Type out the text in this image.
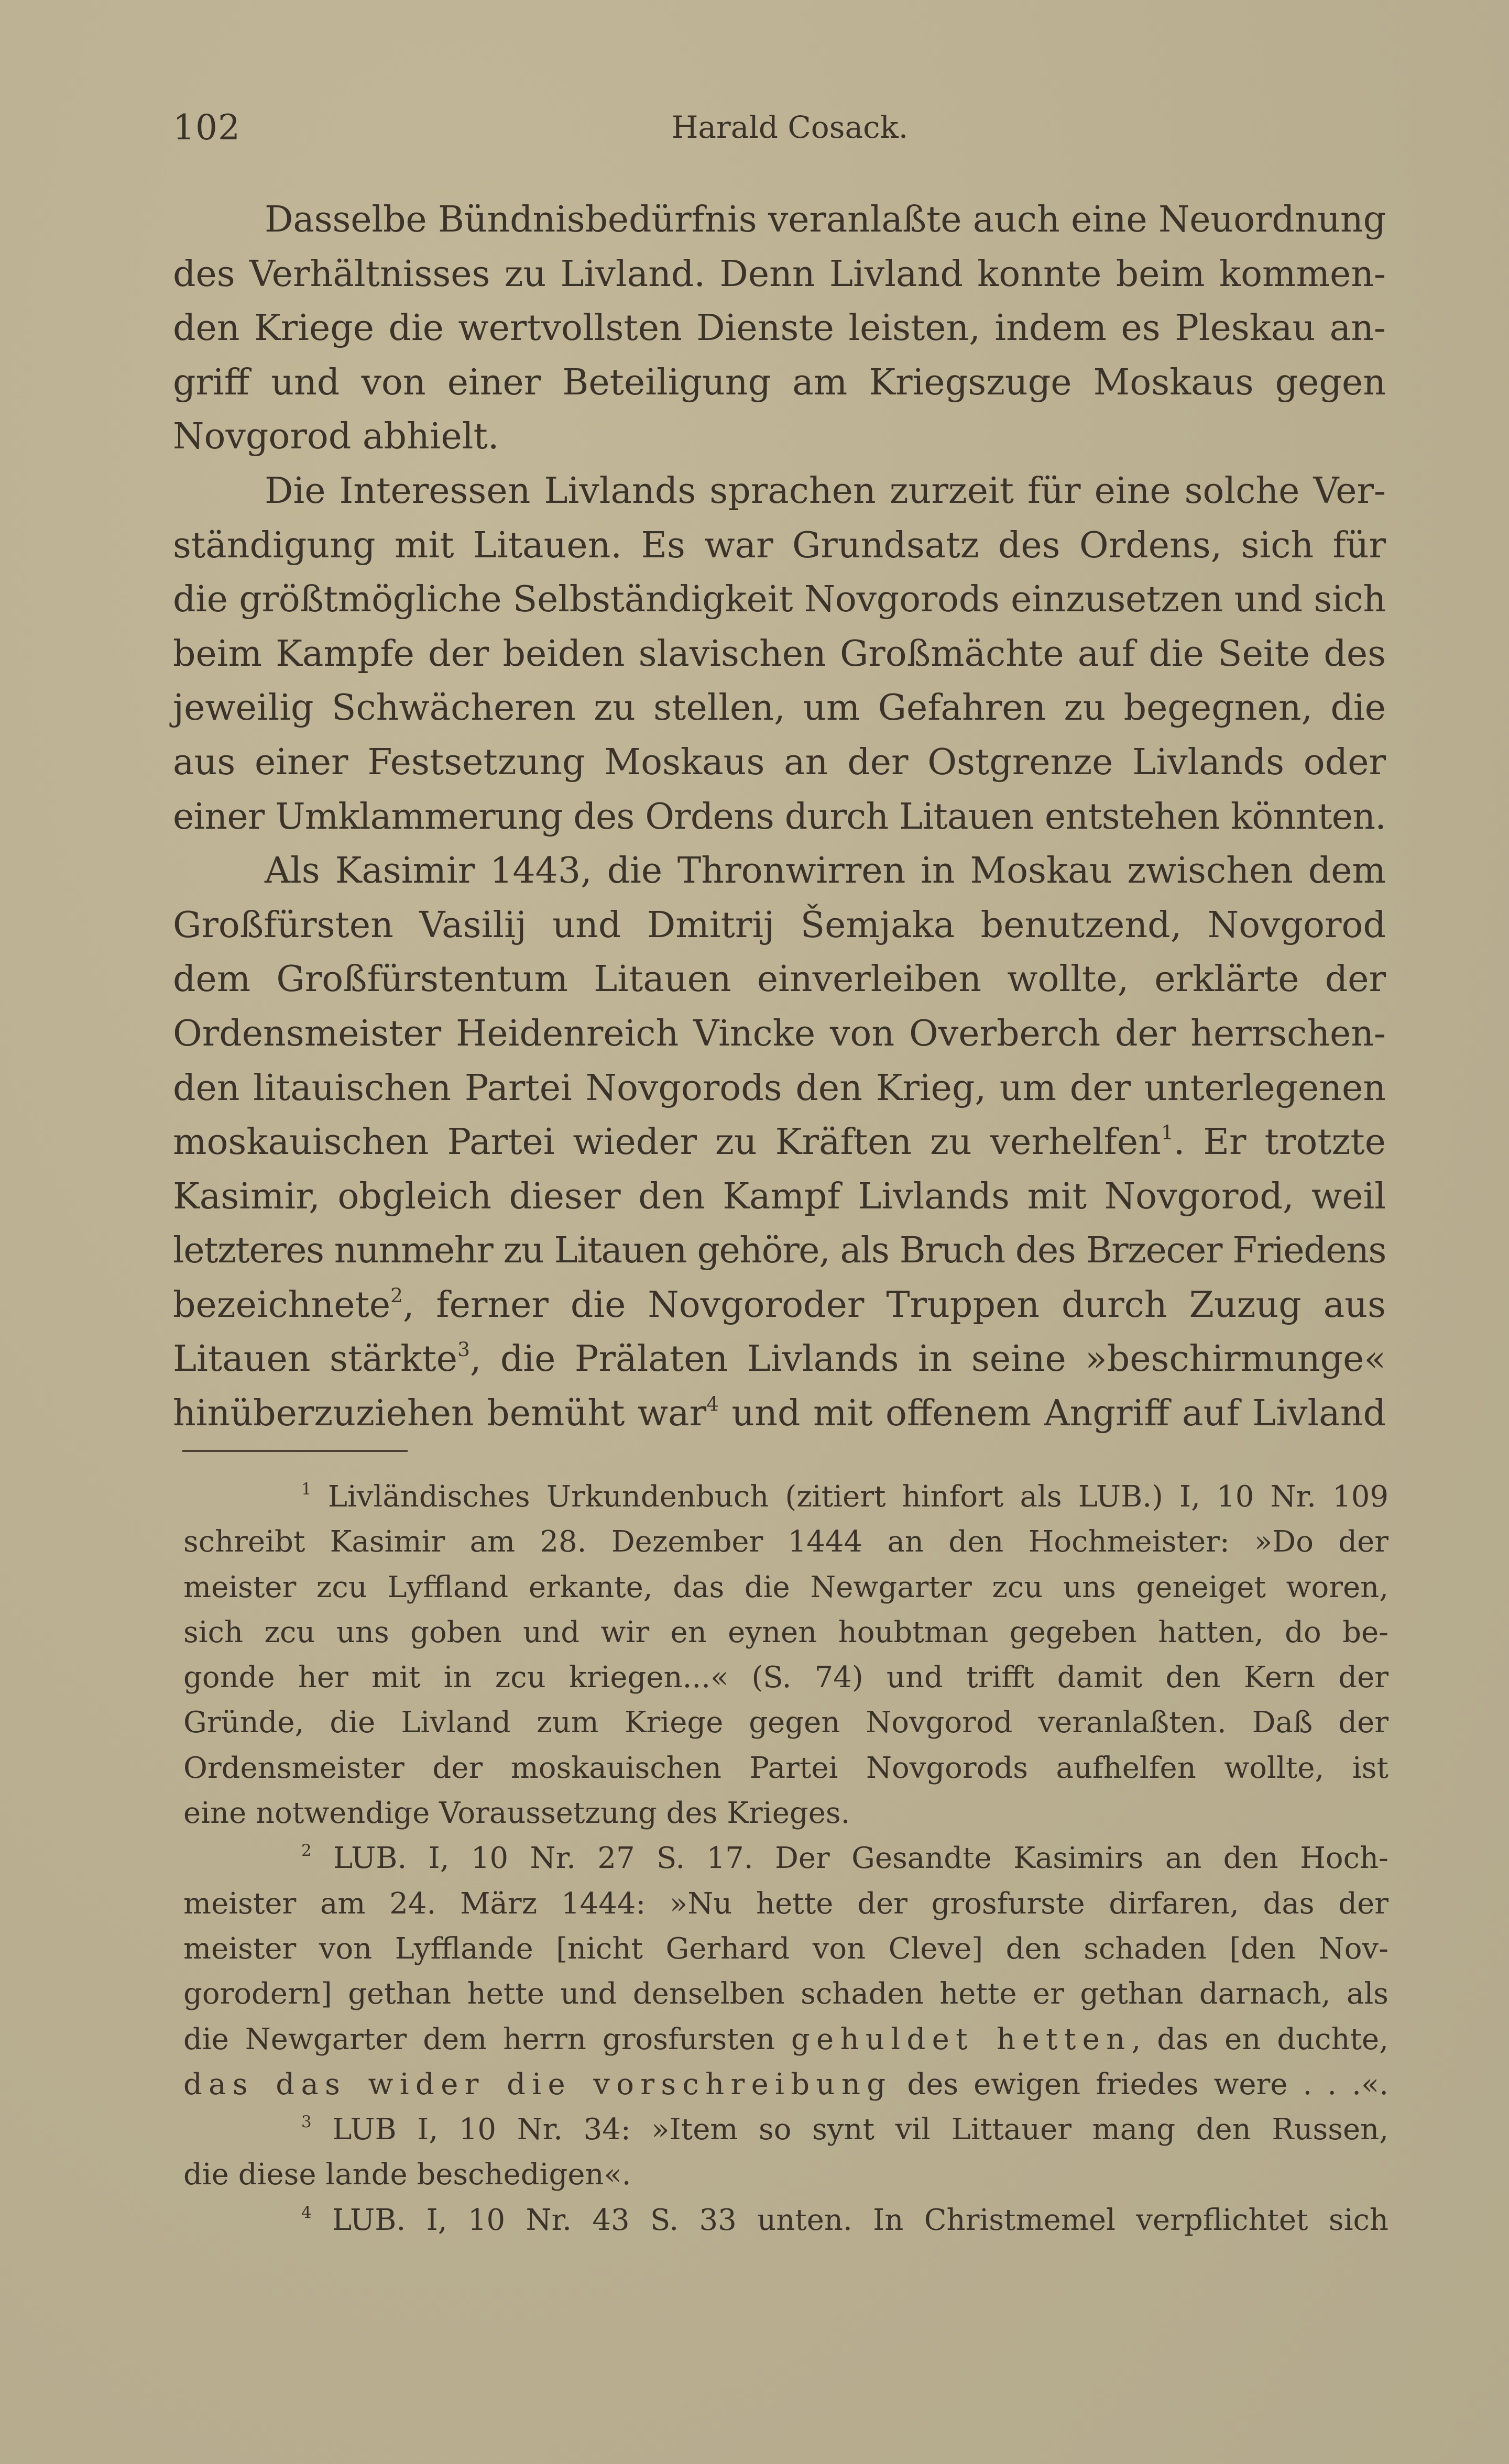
102	Harald Cosack.
Dasselbe Bündnisbedürfnis veranlaßte auch eine Neuordnung
des Verhältnisses zu Livland. Denn Livland konnte beim kommen-
den Kriege die wertvollsten Dienste leisten, indem es Pleskau an-
griff und von einer Beteiligung am Kriegszuge Moskaus gegen
Novgorod abhielt.
Die Interessen Livlands sprachen zurzeit für eine solche Ver-
ständigung mit Litauen. Es war Grundsatz des Ordens, sich für
die größtmögliche Selbständigkeit Novgorods einzusetzen und sich
beim Kampfe der beiden slavischen Großmächte auf die Seite des
jeweilig Schwächeren zu stellen, um Gefahren zu begegnen, die
aus einer Festsetzung Moskaus an der Ostgrenze Livlands oder
einer Umklammerung des Ordens durch Litauen entstehen könnten.
Als Kasimir 1443, die Thronwirren in Moskau zwischen dem
Großfürsten Vasilij und Dmitrij Šemjaka benutzend, Novgorod
dem Großfürstentum Litauen einverleiben wollte, erklärte der
Ordensmeister Heidenreich Vincke von Overberch der herrschen-
den litauischen Partei Novgorods den Krieg, um der unterlegenen
moskauischen Partei wieder zu Kräften zu verhelfen$^1$. Er trotzte
Kasimir, obgleich dieser den Kampf Livlands mit Novgorod, weil
letzteres nunmehr zu Litauen gehöre, als Bruch des Brzecer Friedens
bezeichnete$^2$, ferner die Novgoroder Truppen durch Zuzug aus
Litauen stärkte$^3$, die Prälaten Livlands in seine »beschirmunge«
hinüberzuziehen bemüht war$^4$ und mit offenem Angriff auf Livland
$^1$ Livländisches Urkundenbuch (zitiert hinfort als LUB.) I, 10 Nr. 109
schreibt Kasimir am 28. Dezember 1444 an den Hochmeister: »Do der
meister zcu Lyffland erkante, das die Newgarter zcu uns geneiget woren,
sich zcu uns goben und wir en eynen houbtman gegeben hatten, do be-
gonde her mit in zcu kriegen...« (S. 74) und trifft damit den Kern der
Gründe, die Livland zum Kriege gegen Novgorod veranlaßten. Daß der
Ordensmeister der moskauischen Partei Novgorods aufhelfen wollte, ist
eine notwendige Voraussetzung des Krieges.
$^2$ LUB. I, 10 Nr. 27 S. 17. Der Gesandte Kasimirs an den Hoch-
meister am 24. März 1444: »Nu hette der grosfurste dirfaren, das der
meister von Lyfflande [nicht Gerhard von Cleve] den schaden [den Nov-
gorodern] gethan hette und denselben schaden hette er gethan darnach, als
die Newgarter dem herrn grosfursten gehuldet hetten, das en duchte,
das das wider die vorschreibung des ewigen friedes were . . .«.
$^3$ LUB I, 10 Nr. 34: »Item so synt vil Littauer mang den Russen,
die diese lande beschedigen«.
$^4$ LUB. I, 10 Nr. 43 S. 33 unten. In Christmemel verpflichtet sich
